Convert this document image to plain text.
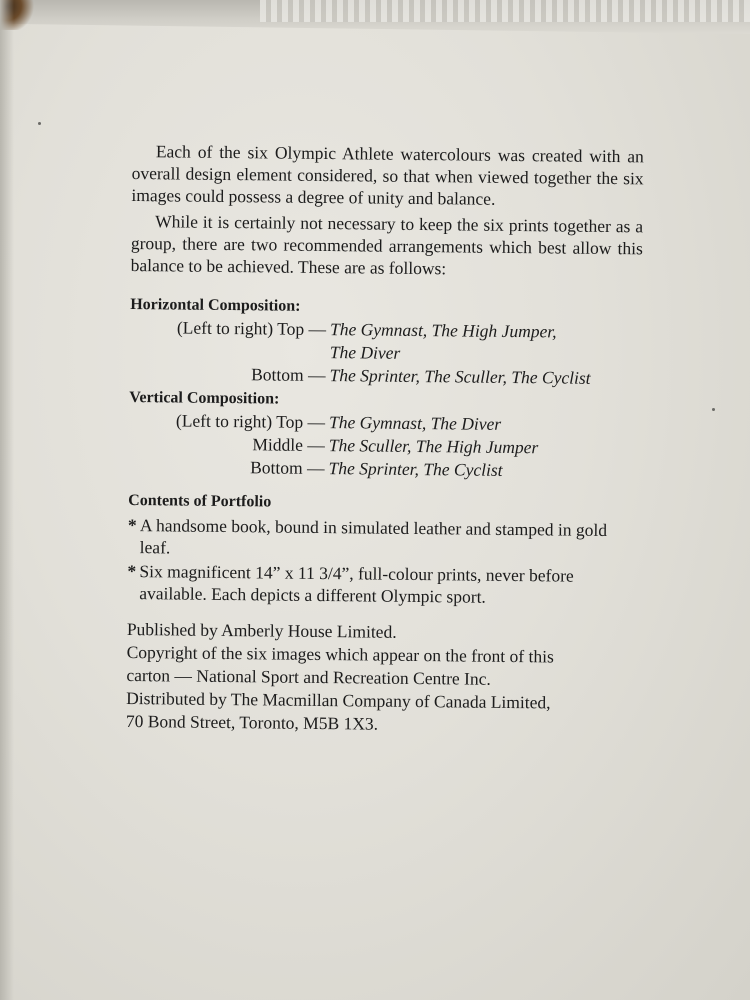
Each of the six Olympic Athlete watercolours was created with an overall design element considered, so that when viewed together the six images could possess a degree of unity and balance.

While it is certainly not necessary to keep the six prints together as a group, there are two recommended arrangements which best allow this balance to be achieved. These are as follows:

Horizontal Composition:
(Left to right) Top — The Gymnast, The High Jumper,
The Diver
Bottom — The Sprinter, The Sculler, The Cyclist
Vertical Composition:
(Left to right) Top — The Gymnast, The Diver
Middle — The Sculler, The High Jumper
Bottom — The Sprinter, The Cyclist
Contents of Portfolio
* A handsome book, bound in simulated leather and stamped in gold leaf.
* Six magnificent 14” x 11 3/4”, full-colour prints, never before available. Each depicts a different Olympic sport.

Published by Amberly House Limited.

Copyright of the six images which appear on the front of this

carton — National Sport and Recreation Centre Inc.

Distributed by The Macmillan Company of Canada Limited,

70 Bond Street, Toronto, M5B 1X3.
